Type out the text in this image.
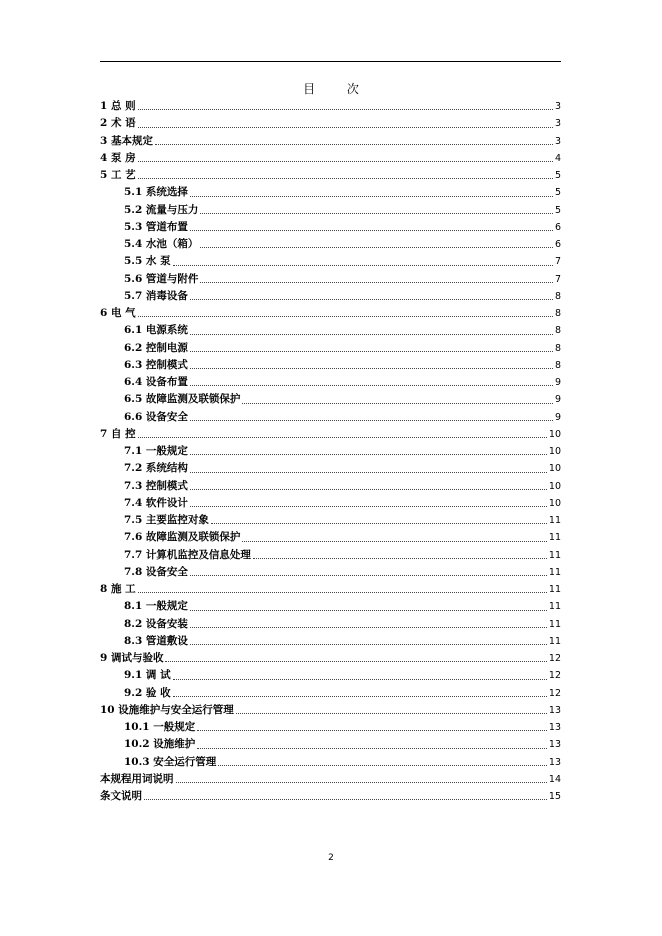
目 次
1 总 则	3
2 术 语	3
3 基本规定	3
4 泵 房	4
5 工 艺	5
5.1 系统选择	5
5.2 流量与压力	5
5.3 管道布置	6
5.4 水池（箱）	6
5.5 水 泵	7
5.6 管道与附件	7
5.7 消毒设备	8
6 电 气	8
6.1 电源系统	8
6.2 控制电源	8
6.3 控制模式	8
6.4 设备布置	9
6.5 故障监测及联锁保护	9
6.6 设备安全	9
7 自 控	10
7.1 一般规定	10
7.2 系统结构	10
7.3 控制模式	10
7.4 软件设计	10
7.5 主要监控对象	11
7.6 故障监测及联锁保护	11
7.7 计算机监控及信息处理	11
7.8 设备安全	11
8 施 工	11
8.1 一般规定	11
8.2 设备安装	11
8.3 管道敷设	11
9 调试与验收	12
9.1 调 试	12
9.2 验 收	12
10 设施维护与安全运行管理	13
10.1 一般规定	13
10.2 设施维护	13
10.3 安全运行管理	13
本规程用词说明	14
条文说明	15
2
